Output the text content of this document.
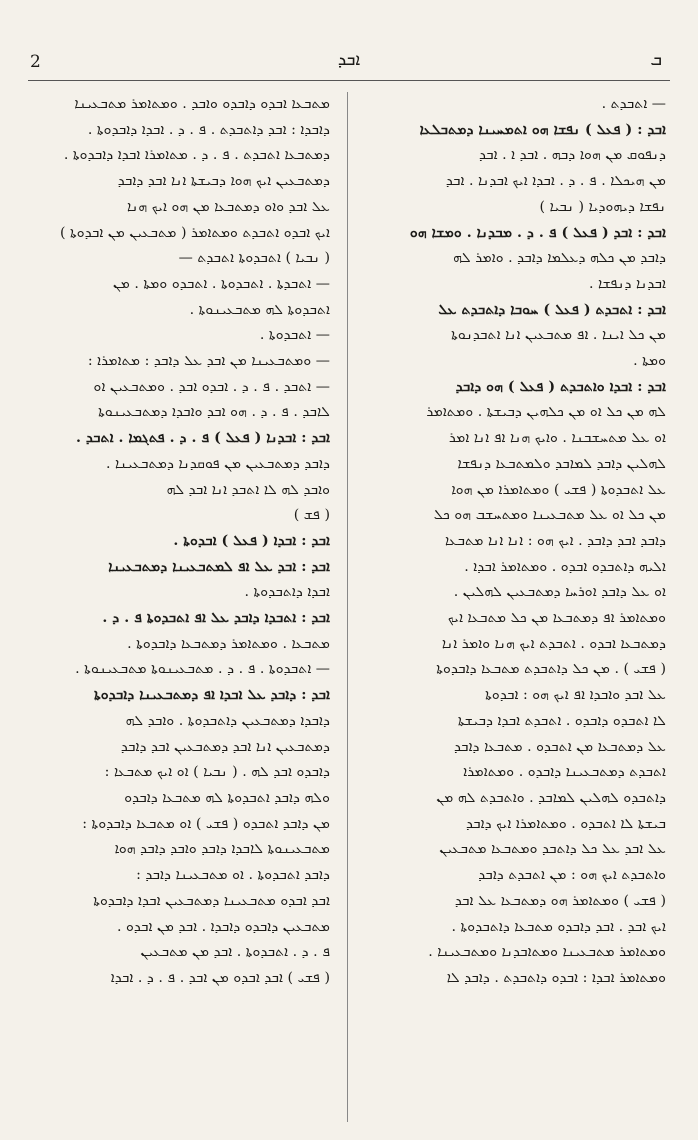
2	ܐܒܕ	ܒ
— ܐܬܒܕܬ .
ܐܒܕ : ( ܦܥܠ ) ܢܦܫܐ ܗܘ ܐܬܡܚܝܢܐ ܕܡܬܒܠܥܐ
ܕܢܦܘܩ ܡܢ ܗܘܐ ܕܒܗ . ܐܒܕ ܐ . ܐܒܕ
ܡܢ ܗܝܟܠܐ . ܦ . ܕ . ܐܒܕܐ ܐܝܟ ܐܒܕܢܐ . ܐܒܕ
ܢܦܫܐ ܕܝܗܘܕܝܐ ( ܢܒܝܐ )
ܐܒܕ : ܐܒܕ ( ܦܥܠ ) ܦ . ܕ . ܡܒܕܢܐ . ܘܡܫܐ ܗܘ
ܕܐܒܕ ܡܢ ܟܠܗ ܕܥܠܡܐ ܕܐܒܕ . ܘܐܡܪ ܠܗ
ܐܒܕܢܐ ܕܢܦܫܐ .
ܐܒܕ : ܐܬܒܕܬ ( ܦܥܠ ) ܚܘܒܐ ܕܐܬܒܕܬ ܥܠ
ܡܢ ܟܠ ܐܝܢܐ . ܐܦ ܡܬܒܥܝܢ ܐܢܐ ܐܬܒܕܢܘܬܐ
ܘܡܬܐ .
ܐܒܕ : ܐܒܕܐ ܘܐܬܒܕܬ ( ܦܥܠ ) ܗܘ ܕܐܒܕ
ܠܗ ܡܢ ܟܠ ܐܘ ܡܢ ܟܠܗܝܢ ܕܒܝܫܬܐ . ܘܡܬܐܡܪ
ܐܘ ܥܠ ܡܬܚܫܒܢܐ . ܘܐܝܟ ܗܢܐ ܐܦ ܐܢܐ ܐܡܪ
ܠܗܠܝܢ ܕܐܒܕ ܠܡܐܒܕ ܘܠܡܬܒܥܐ ܕܢܦܫܐ
ܥܠ ܐܬܒܕܘܬܐ ( ܦܫܝ ) ܘܡܬܐܡܪܐ ܡܢ ܗܘܐ
ܡܢ ܟܠ ܐܘ ܥܠ ܡܬܒܥܝܢܐ ܘܡܬܚܫܒ ܗܘ ܟܠ
ܕܐܒܕ ܐܒܕ ܕܐܒܕ . ܐܝܟ ܗܘ : ܐܢܐ ܐܢܐ ܡܬܒܥܐ
ܐܠܝܗ ܕܐܬܒܕܘ ܐܒܕܘ . ܘܡܬܐܡܪ ܐܒܕܐ .
ܐܘ ܥܠ ܕܐܒܕ ܐܘܪܚܐ ܕܡܬܒܥܝܢ ܠܗܠܝܢ .
ܘܡܬܐܡܪ ܐܦ ܕܡܬܒܥܐ ܡܢ ܟܠ ܡܬܒܥܐ ܐܝܟ
ܕܡܬܒܥܐ ܐܒܕܘ . ܐܬܒܕܬ ܐܝܟ ܗܢܐ ܘܐܡܪ ܐܢܐ
( ܦܫܝ ) . ܡܢ ܟܠ ܕܐܬܒܕܬ ܡܬܒܥܐ ܕܐܒܕܘܬܐ
ܥܠ ܐܒܕ ܘܐܒܕܐ ܐܦ ܐܝܟ ܗܘ : ܐܒܕܘܬܐ
ܠܐ ܐܬܒܕܘ ܕܐܒܕܘ . ܐܬܒܕܬ ܐܒܕܐ ܕܒܝܫܬܐ
ܥܠ ܕܡܬܒܥܐ ܡܢ ܐܬܒܕܘ . ܡܬܒܥܐ ܕܐܒܕ
ܐܬܒܕܬ ܕܡܬܒܥܝܢܐ ܕܐܒܕܘ . ܘܡܬܐܡܪܐ
ܕܐܬܒܕܘ ܠܗܠܝܢ ܠܡܐܒܕ . ܘܐܬܒܕܬ ܠܗ ܡܢ
ܒܝܫܬܐ ܠܐ ܐܬܒܕܘ . ܘܡܬܐܡܪܐ ܐܝܟ ܕܐܒܕ
ܥܠ ܐܒܕ ܥܠ ܟܠ ܕܐܬܒܕ ܘܡܬܒܥܐ ܡܬܒܥܝܢ
ܘܐܬܒܕܬ ܐܝܟ ܗܘ : ܡܢ ܐܬܒܕܬ ܕܐܒܕ
( ܦܫܝ ) ܘܡܬܐܡܪ ܗܘ ܕܡܬܒܥܐ ܥܠ ܐܒܕ
ܐܝܟ ܐܒܕ . ܐܒܕ ܕܐܒܕܘ ܡܬܒܥܐ ܕܐܬܒܕܘܬܐ .
ܘܡܬܐܡܪ ܡܬܒܥܝܢܐ ܘܡܬܐܒܕܢܐ ܘܡܬܒܥܝܢܐ .
ܘܡܬܐܡܪ ܐܒܕܐ : ܐܒܕܘ ܕܐܬܒܕܬ . ܕܐܒܕ ܠܐ
ܡܬܒܥܐ ܐܒܕܘ ܕܐܒܕܘ ܘܐܒܕ . ܘܡܬܐܡܪ ܡܬܒܥܝܢܐ
ܕܐܒܕܐ : ܐܒܕ ܕܐܬܒܕܬ . ܦ . ܕ . ܐܒܕܐ ܕܐܒܕܘܬܐ .
ܕܡܬܒܥܐ ܐܬܒܕܬ . ܦ . ܕ . ܡܬܐܡܪܐ ܐܒܕܐ ܕܐܒܕܘܬܐ .
ܕܡܬܒܥܝܢ ܐܝܟ ܗܘܐ ܕܒܝܫܬܐ ܐܢܐ ܐܒܕ ܕܐܒܕ
ܥܠ ܐܒܕ ܘܐܘ ܕܡܬܒܥܐ ܡܢ ܗܘ ܐܝܟ ܗܢܐ
ܐܝܟ ܐܒܕܘ ܐܬܒܕܬ ܘܡܬܐܡܪ ( ܡܬܒܥܝܢ ܡܢ ܐܒܕܘܬܐ )
( ܢܒܝܐ ) ܐܬܒܕܘܬܐ ܐܬܒܕܬ —
— ܐܬܒܕܬܐ . ܐܬܒܕܘܬܐ . ܐܬܒܕܘ ܘܡܬܐ . ܡܢ
ܐܬܒܕܘܬܐ ܠܗ ܡܬܒܥܝܢܘܬܐ .
— ܐܬܒܕܘܬܐ .
— ܘܡܬܒܥܝܢܐ ܡܢ ܐܒܕ ܥܠ ܕܐܒܕ : ܡܬܐܡܪܐ :
— ܐܬܒܕ . ܦ . ܕ . ܐܒܕܘ ܐܒܕ . ܘܡܬܒܥܝܢ ܐܘ
ܠܐܒܕ . ܦ . ܕ . ܗܘ ܐܒܕ ܘܐܒܕܐ ܕܡܬܒܥܝܢܘܬܐ
ܐܒܕ : ܐܒܕܢܐ ( ܦܥܠ ) ܦ . ܕ . ܦܬܓܡܐ . ܐܬܒܕ .
ܕܐܒܕ ܕܡܬܒܥܝܢ ܡܢ ܦܘܩܕܢܐ ܕܡܬܒܥܝܢܐ .
ܘܐܒܕ ܠܗ ܠܐ ܐܬܒܕ ܐܢܐ ܐܒܕ ܠܗ
( ܦܫ )
ܐܒܕ : ܐܒܕܐ ( ܦܥܠ ) ܐܒܕܘܬܐ .
ܐܒܕ : ܐܒܕ ܥܠ ܐܦ ܠܡܬܒܥܝܢܐ ܕܡܬܒܥܝܢܐ
ܐܒܕܐ ܕܐܬܒܕܘܬܐ .
ܐܒܕ : ܐܬܒܕܐ ܕܐܒܕ ܥܠ ܐܦ ܐܬܒܕܘܬܐ ܦ . ܕ .
ܡܬܒܥܐ . ܘܡܬܐܡܪ ܕܡܬܒܥܐ ܕܐܒܕܘܬܐ .
— ܐܬܒܕܘܬܐ . ܦ . ܕ . ܡܬܒܥܝܢܘܬܐ ܡܬܒܥܝܢܘܬܐ .
ܐܒܕ : ܕܐܒܕ ܥܠ ܐܒܕܐ ܐܦ ܕܡܬܒܥܝܢܐ ܕܐܒܕܘܬܐ
ܕܐܒܕܐ ܕܡܬܒܥܝܢ ܕܐܬܒܕܘܬܐ . ܘܐܒܕ ܠܗ
ܕܡܬܒܥܝܢ ܐܢܐ ܐܒܕ ܕܡܬܒܥܝܢ ܐܒܕ ܕܐܒܕ
ܕܐܒܕܘ ܐܒܕ ܠܗ . ( ܢܒܝܐ ) ܐܘ ܐܝܟ ܡܬܒܥܐ :
ܘܠܗ ܕܐܒܕ ܐܬܒܕܘܬܐ ܠܗ ܡܬܒܥܐ ܕܐܒܕܘ
ܡܢ ܕܐܒܕ ܐܬܒܕܘ ( ܦܫܝ ) ܐܘ ܡܬܒܥܐ ܕܐܒܕܘܬܐ :
ܡܬܒܥܝܢܘܬܐ ܠܐܒܕܐ ܕܐܒܕ ܘܐܒܕ ܕܐܒܕ ܗܘܐ
ܕܐܒܕ ܐܬܒܕܘܬܐ . ܐܘ ܡܬܒܥܝܢܐ ܕܐܒܕ :
ܐܒܕ ܐܒܕܘ ܡܬܒܥܝܢܐ ܕܡܬܒܥܝܢ ܐܒܕܐ ܕܐܒܕܘܬܐ
ܡܬܒܥܝܢ ܕܐܒܕܘ ܕܐܒܕܐ . ܐܒܕ ܡܢ ܐܒܕܘ .
ܦ . ܕ . ܐܬܒܕܘܬܐ . ܐܒܕ ܡܢ ܡܬܒܥܝܢ
( ܦܫܝ ) ܐܒܕ ܐܒܕܘ ܡܢ ܐܒܕ . ܦ . ܕ . ܐܒܕܐ
